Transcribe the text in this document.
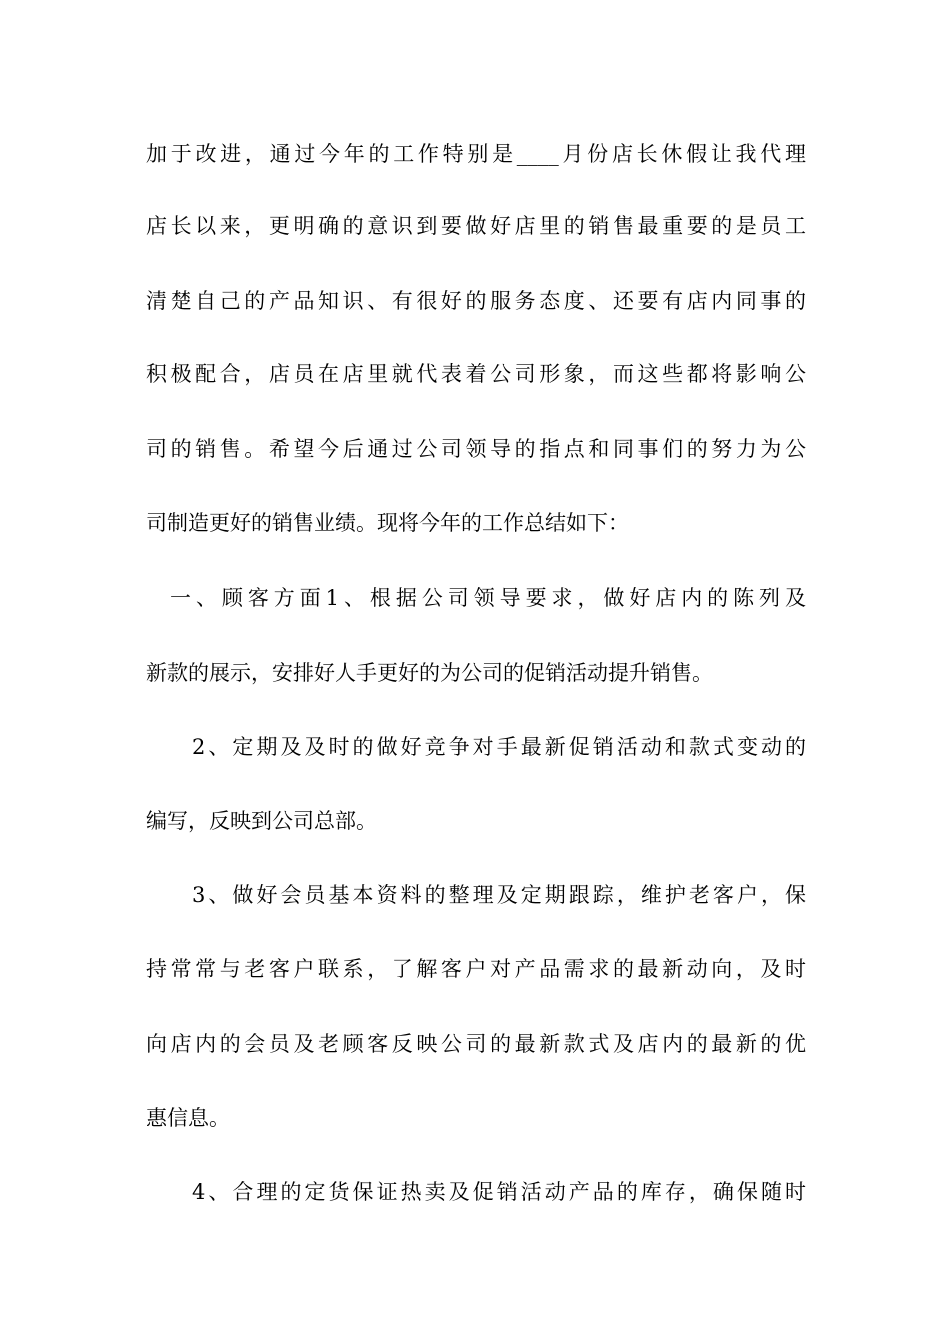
加于改进，通过今年的工作特别是____月份店长休假让我代理
店长以来，更明确的意识到要做好店里的销售最重要的是员工
清楚自己的产品知识、有很好的服务态度、还要有店内同事的
积极配合，店员在店里就代表着公司形象，而这些都将影响公
司的销售。希望今后通过公司领导的指点和同事们的努力为公
司制造更好的销售业绩。现将今年的工作总结如下：
一、顾客方面1、根据公司领导要求，做好店内的陈列及
新款的展示，安排好人手更好的为公司的促销活动提升销售。
2、定期及及时的做好竞争对手最新促销活动和款式变动的
编写，反映到公司总部。
3、做好会员基本资料的整理及定期跟踪，维护老客户，保
持常常与老客户联系，了解客户对产品需求的最新动向，及时
向店内的会员及老顾客反映公司的最新款式及店内的最新的优
惠信息。
4、合理的定货保证热卖及促销活动产品的库存，确保随时
